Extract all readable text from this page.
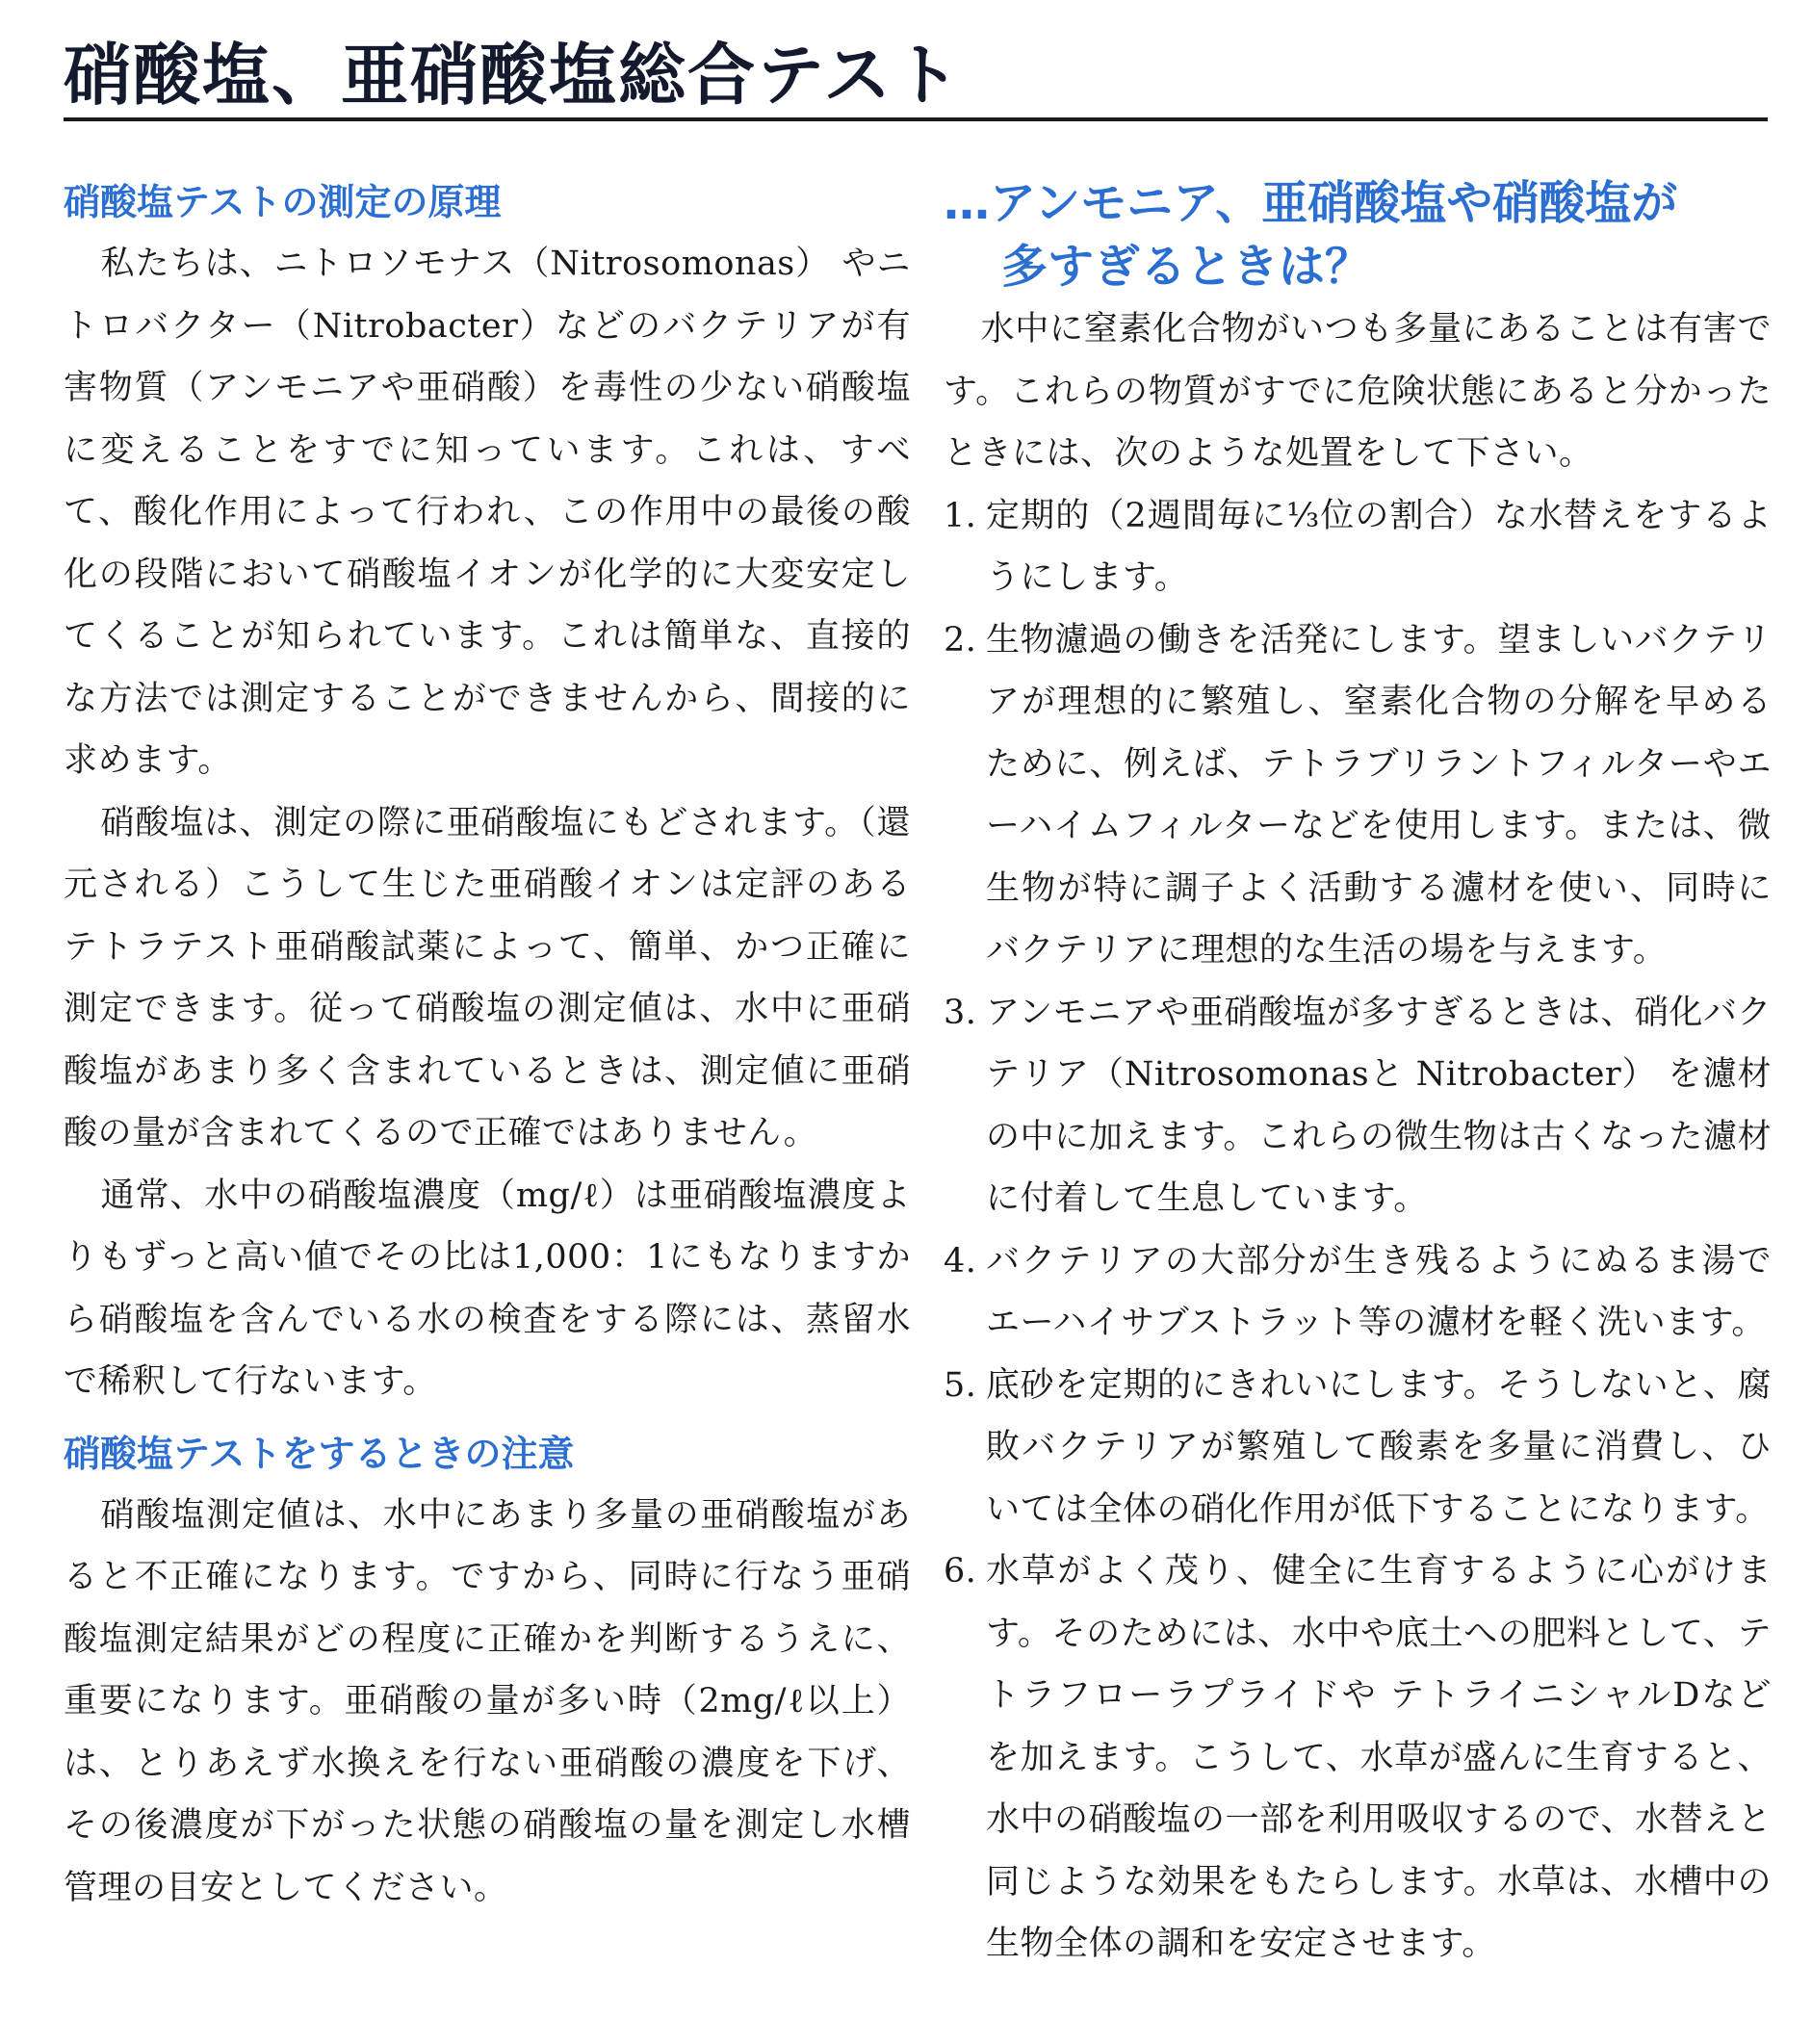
硝酸塩、亜硝酸塩総合テスト
硝酸塩テストの測定の原理

私たちは、ニトロソモナス（Nitrosomonas） やニトロバクター（Nitrobacter）などのバクテリアが有害物質（アンモニアや亜硝酸）を毒性の少ない硝酸塩に変えることをすでに知っています。これは、すべて、酸化作用によって行われ、この作用中の最後の酸化の段階において硝酸塩イオンが化学的に大変安定してくることが知られています。これは簡単な、直接的な方法では測定することができませんから、間接的に求めます。

硝酸塩は、測定の際に亜硝酸塩にもどされます。（還元される）こうして生じた亜硝酸イオンは定評のあるテトラテスト亜硝酸試薬によって、簡単、かつ正確に測定できます。従って硝酸塩の測定値は、水中に亜硝酸塩があまり多く含まれているときは、測定値に亜硝酸の量が含まれてくるので正確ではありません。

通常、水中の硝酸塩濃度（mg/ℓ）は亜硝酸塩濃度よりもずっと高い値でその比は1,000：1にもなりますから硝酸塩を含んでいる水の検査をする際には、蒸留水で稀釈して行ないます。

硝酸塩テストをするときの注意

硝酸塩測定値は、水中にあまり多量の亜硝酸塩があると不正確になります。ですから、同時に行なう亜硝酸塩測定結果がどの程度に正確かを判断するうえに、重要になります。亜硝酸の量が多い時（2mg/ℓ以上）は、とりあえず水換えを行ない亜硝酸の濃度を下げ、その後濃度が下がった状態の硝酸塩の量を測定し水槽管理の目安としてください。

…アンモニア、亜硝酸塩や硝酸塩が
多すぎるときは？

水中に窒素化合物がいつも多量にあることは有害です。これらの物質がすでに危険状態にあると分かったときには、次のような処置をして下さい。

1. 定期的（2週間毎に⅓位の割合）な水替えをするようにします。
2. 生物濾過の働きを活発にします。望ましいバクテリアが理想的に繁殖し、窒素化合物の分解を早めるために、例えば、テトラブリラントフィルターやエーハイムフィルターなどを使用します。または、微生物が特に調子よく活動する濾材を使い、同時にバクテリアに理想的な生活の場を与えます。
3. アンモニアや亜硝酸塩が多すぎるときは、硝化バクテリア（Nitrosomonasと Nitrobacter） を濾材の中に加えます。これらの微生物は古くなった濾材に付着して生息しています。
4. バクテリアの大部分が生き残るようにぬるま湯でエーハイサブストラット等の濾材を軽く洗います。
5. 底砂を定期的にきれいにします。そうしないと、腐敗バクテリアが繁殖して酸素を多量に消費し、ひいては全体の硝化作用が低下することになります。
6. 水草がよく茂り、健全に生育するように心がけます。そのためには、水中や底土への肥料として、テトラフローラプライドや テトライニシャルDなどを加えます。こうして、水草が盛んに生育すると、水中の硝酸塩の一部を利用吸収するので、水替えと同じような効果をもたらします。水草は、水槽中の生物全体の調和を安定させます。
